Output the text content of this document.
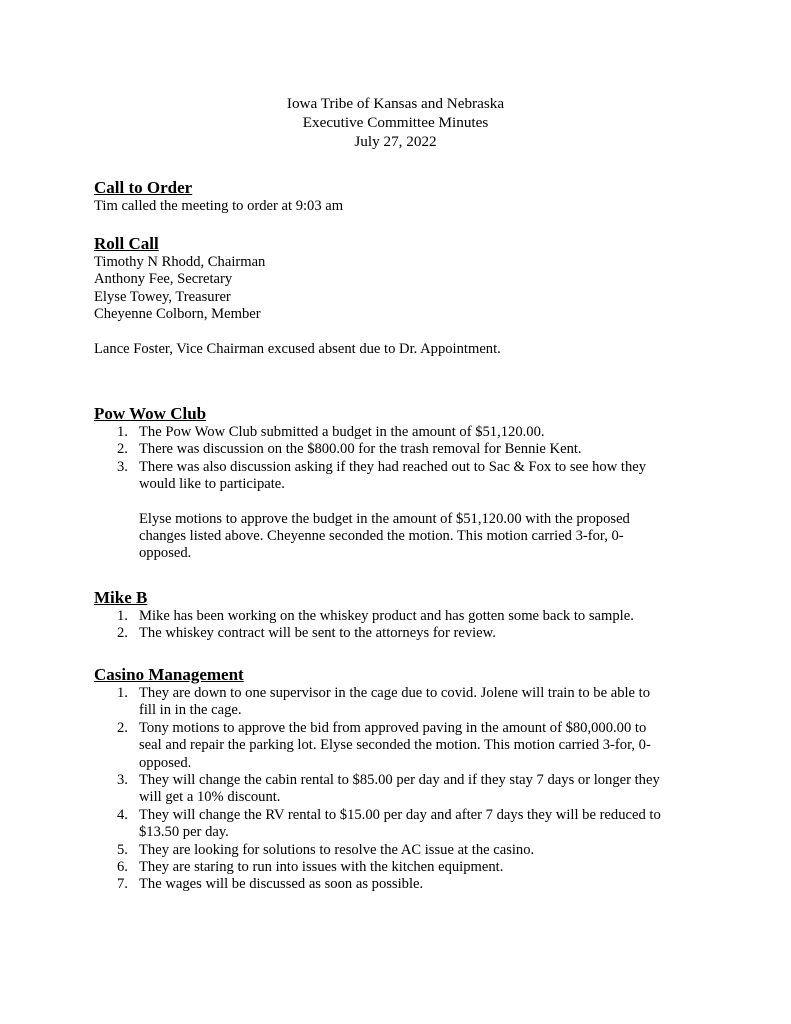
Iowa Tribe of Kansas and Nebraska
Executive Committee Minutes
July 27, 2022
Call to Order
Tim called the meeting to order at 9:03 am
Roll Call
Timothy N Rhodd, Chairman
Anthony Fee, Secretary
Elyse Towey, Treasurer
Cheyenne Colborn, Member
Lance Foster, Vice Chairman excused absent due to Dr. Appointment.
Pow Wow Club
1. The Pow Wow Club submitted a budget in the amount of $51,120.00.
2. There was discussion on the $800.00 for the trash removal for Bennie Kent.
3. There was also discussion asking if they had reached out to Sac & Fox to see how they
would like to participate.
Elyse motions to approve the budget in the amount of $51,120.00 with the proposed
changes listed above. Cheyenne seconded the motion. This motion carried 3-for, 0-
opposed.
Mike B
1. Mike has been working on the whiskey product and has gotten some back to sample.
2. The whiskey contract will be sent to the attorneys for review.
Casino Management
1. They are down to one supervisor in the cage due to covid. Jolene will train to be able to
fill in in the cage.
2. Tony motions to approve the bid from approved paving in the amount of $80,000.00 to
seal and repair the parking lot. Elyse seconded the motion. This motion carried 3-for, 0-
opposed.
3. They will change the cabin rental to $85.00 per day and if they stay 7 days or longer they
will get a 10% discount.
4. They will change the RV rental to $15.00 per day and after 7 days they will be reduced to
$13.50 per day.
5. They are looking for solutions to resolve the AC issue at the casino.
6. They are staring to run into issues with the kitchen equipment.
7. The wages will be discussed as soon as possible.
